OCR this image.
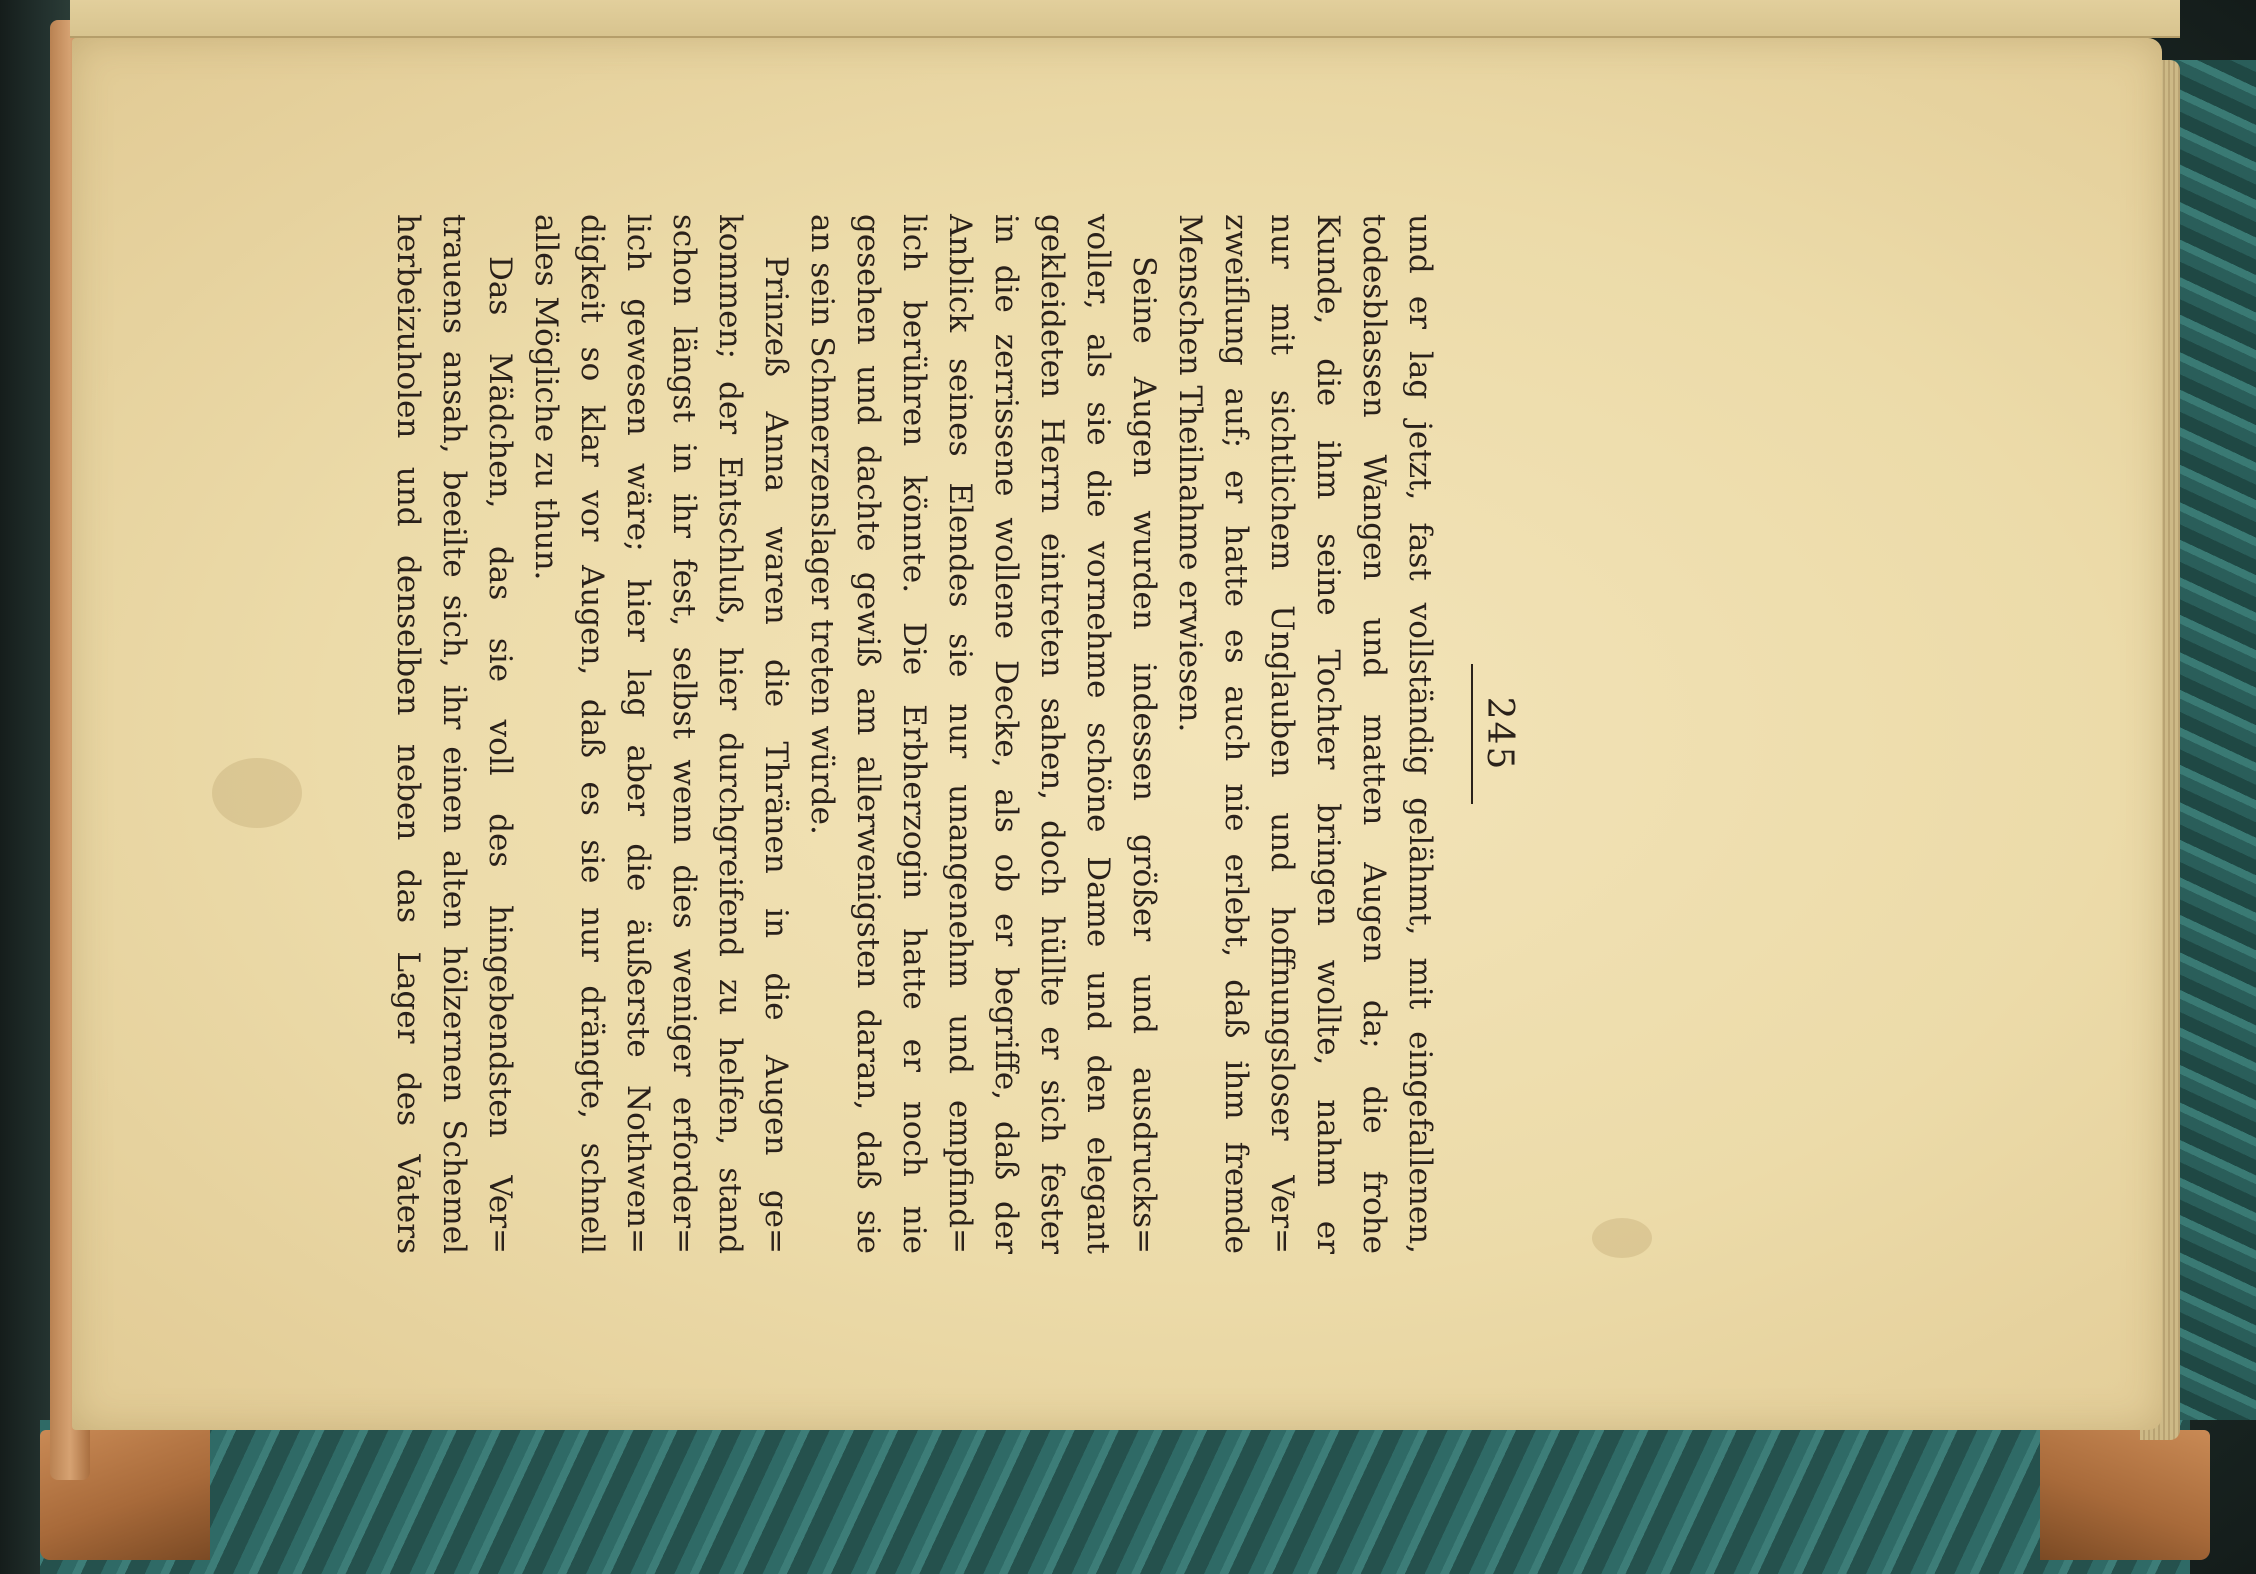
245
und er lag jetzt, fast vollständig gelähmt, mit eingefallenen,
todesblassen Wangen und matten Augen da; die frohe
Kunde, die ihm seine Tochter bringen wollte, nahm er
nur mit sichtlichem Unglauben und hoffnungsloser Ver=
zweiflung auf; er hatte es auch nie erlebt, daß ihm fremde
Menschen Theilnahme erwiesen.
Seine Augen wurden indessen größer und ausdrucks=
voller, als sie die vornehme schöne Dame und den elegant
gekleideten Herrn eintreten sahen, doch hüllte er sich fester
in die zerrissene wollene Decke, als ob er begriffe, daß der
Anblick seines Elendes sie nur unangenehm und empfind=
lich berühren könnte. Die Erbherzogin hatte er noch nie
gesehen und dachte gewiß am allerwenigsten daran, daß sie
an sein Schmerzenslager treten würde.
Prinzeß Anna waren die Thränen in die Augen ge=
kommen; der Entschluß, hier durchgreifend zu helfen, stand
schon längst in ihr fest, selbst wenn dies weniger erforder=
lich gewesen wäre; hier lag aber die äußerste Nothwen=
digkeit so klar vor Augen, daß es sie nur drängte, schnell
alles Mögliche zu thun.
Das Mädchen, das sie voll des hingebendsten Ver=
trauens ansah, beeilte sich, ihr einen alten hölzernen Schemel
herbeizuholen und denselben neben das Lager des Vaters
